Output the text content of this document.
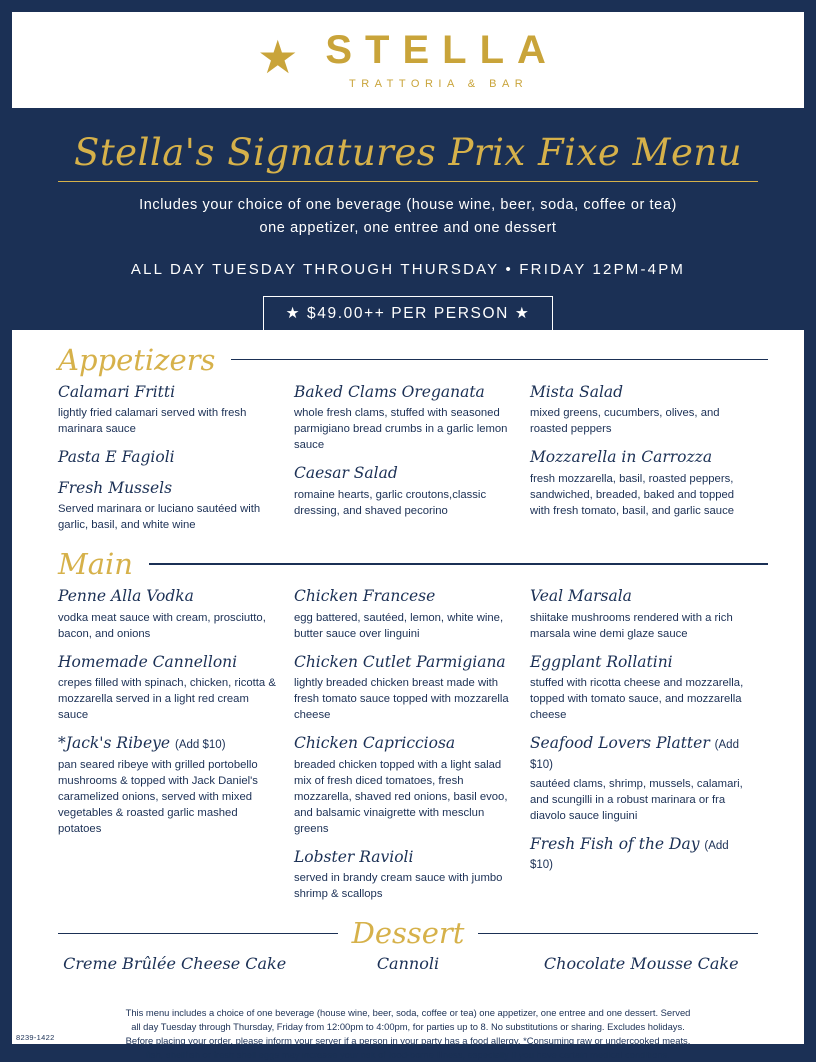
★ STELLA
TRATTORIA & BAR
Stella's Signatures Prix Fixe Menu
Includes your choice of one beverage (house wine, beer, soda, coffee or tea)
one appetizer, one entree and one dessert
ALL DAY TUESDAY THROUGH THURSDAY • FRIDAY 12PM-4PM
★ $49.00++ PER PERSON ★
Appetizers
Calamari Fritti
lightly fried calamari served with fresh marinara sauce
Pasta E Fagioli
Fresh Mussels
Served marinara or luciano sautéed with garlic, basil, and white wine
Baked Clams Oreganata
whole fresh clams, stuffed with seasoned parmigiano bread crumbs in a garlic lemon sauce
Caesar Salad
romaine hearts, garlic croutons,classic dressing, and shaved pecorino
Mista Salad
mixed greens, cucumbers, olives, and roasted peppers
Mozzarella in Carrozza
fresh mozzarella, basil, roasted peppers, sandwiched, breaded, baked and topped with fresh tomato, basil, and garlic sauce
Main
Penne Alla Vodka
vodka meat sauce with cream, prosciutto, bacon, and onions
Homemade Cannelloni
crepes filled with spinach, chicken, ricotta & mozzarella served in a light red cream sauce
*Jack's Ribeye (Add $10)
pan seared ribeye with grilled portobello mushrooms & topped with Jack Daniel's caramelized onions, served with mixed vegetables & roasted garlic mashed potatoes
Chicken Francese
egg battered, sautéed, lemon, white wine, butter sauce over linguini
Chicken Cutlet Parmigiana
lightly breaded chicken breast made with fresh tomato sauce topped with mozzarella cheese
Chicken Capricciosa
breaded chicken topped with a light salad mix of fresh diced tomatoes, fresh mozzarella, shaved red onions, basil evoo, and balsamic vinaigrette with mesclun greens
Lobster Ravioli
served in brandy cream sauce with jumbo shrimp & scallops
Veal Marsala
shiitake mushrooms rendered with a rich marsala wine demi glaze sauce
Eggplant Rollatini
stuffed with ricotta cheese and mozzarella, topped with tomato sauce, and mozzarella cheese
Seafood Lovers Platter (Add $10)
sautéed clams, shrimp, mussels, calamari, and scungilli in a robust marinara or fra diavolo sauce linguini
Fresh Fish of the Day (Add $10)
Dessert
Creme Brûlée Cheese Cake	Cannoli	Chocolate Mousse Cake
This menu includes a choice of one beverage (house wine, beer, soda, coffee or tea) one appetizer, one entree and one dessert. Served
all day Tuesday through Thursday, Friday from 12:00pm to 4:00pm, for parties up to 8. No substitutions or sharing. Excludes holidays.
Before placing your order, please inform your server if a person in your party has a food allergy. *Consuming raw or undercooked meats,
fish, shellfish or fresh shell eggs may increase your risk of food-borne illness, especially if you have certain medical conditions.
8239-1422
